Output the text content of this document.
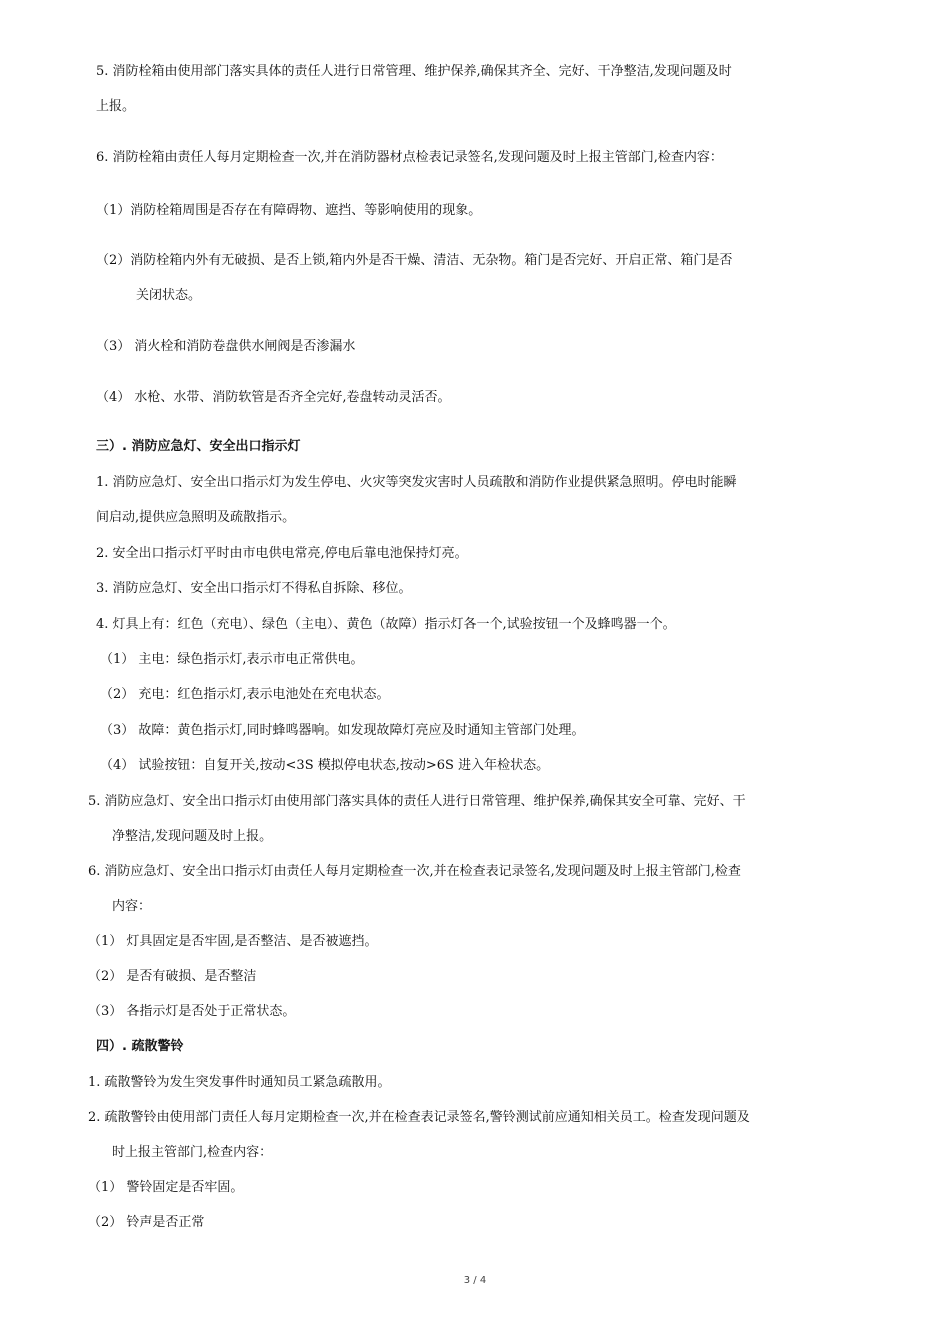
5. 消防栓箱由使用部门落实具体的责任人进行日常管理、维护保养,确保其齐全、完好、干净整洁,发现问题及时
上报。
6. 消防栓箱由责任人每月定期检查一次,并在消防器材点检表记录签名,发现问题及时上报主管部门,检查内容：
（1）消防栓箱周围是否存在有障碍物、遮挡、等影响使用的现象。
（2）消防栓箱内外有无破损、是否上锁,箱内外是否干燥、清洁、无杂物。箱门是否完好、开启正常、箱门是否
关闭状态。
（3） 消火栓和消防卷盘供水闸阀是否渗漏水
（4） 水枪、水带、消防软管是否齐全完好,卷盘转动灵活否。
三）. 消防应急灯、安全出口指示灯
1. 消防应急灯、安全出口指示灯为发生停电、火灾等突发灾害时人员疏散和消防作业提供紧急照明。停电时能瞬
间启动,提供应急照明及疏散指示。
2. 安全出口指示灯平时由市电供电常亮,停电后靠电池保持灯亮。
3. 消防应急灯、安全出口指示灯不得私自拆除、移位。
4. 灯具上有：红色（充电）、绿色（主电）、黄色（故障）指示灯各一个,试验按钮一个及蜂鸣器一个。
（1） 主电：绿色指示灯,表示市电正常供电。
（2） 充电：红色指示灯,表示电池处在充电状态。
（3） 故障：黄色指示灯,同时蜂鸣器响。如发现故障灯亮应及时通知主管部门处理。
（4） 试验按钮：自复开关,按动<3S 模拟停电状态,按动>6S 进入年检状态。
5. 消防应急灯、安全出口指示灯由使用部门落实具体的责任人进行日常管理、维护保养,确保其安全可靠、完好、干
净整洁,发现问题及时上报。
6. 消防应急灯、安全出口指示灯由责任人每月定期检查一次,并在检查表记录签名,发现问题及时上报主管部门,检查
内容：
（1） 灯具固定是否牢固,是否整洁、是否被遮挡。
（2） 是否有破损、是否整洁
（3） 各指示灯是否处于正常状态。
四）. 疏散警铃
1. 疏散警铃为发生突发事件时通知员工紧急疏散用。
2. 疏散警铃由使用部门责任人每月定期检查一次,并在检查表记录签名,警铃测试前应通知相关员工。检查发现问题及
时上报主管部门,检查内容：
（1） 警铃固定是否牢固。
（2） 铃声是否正常
3 / 4
